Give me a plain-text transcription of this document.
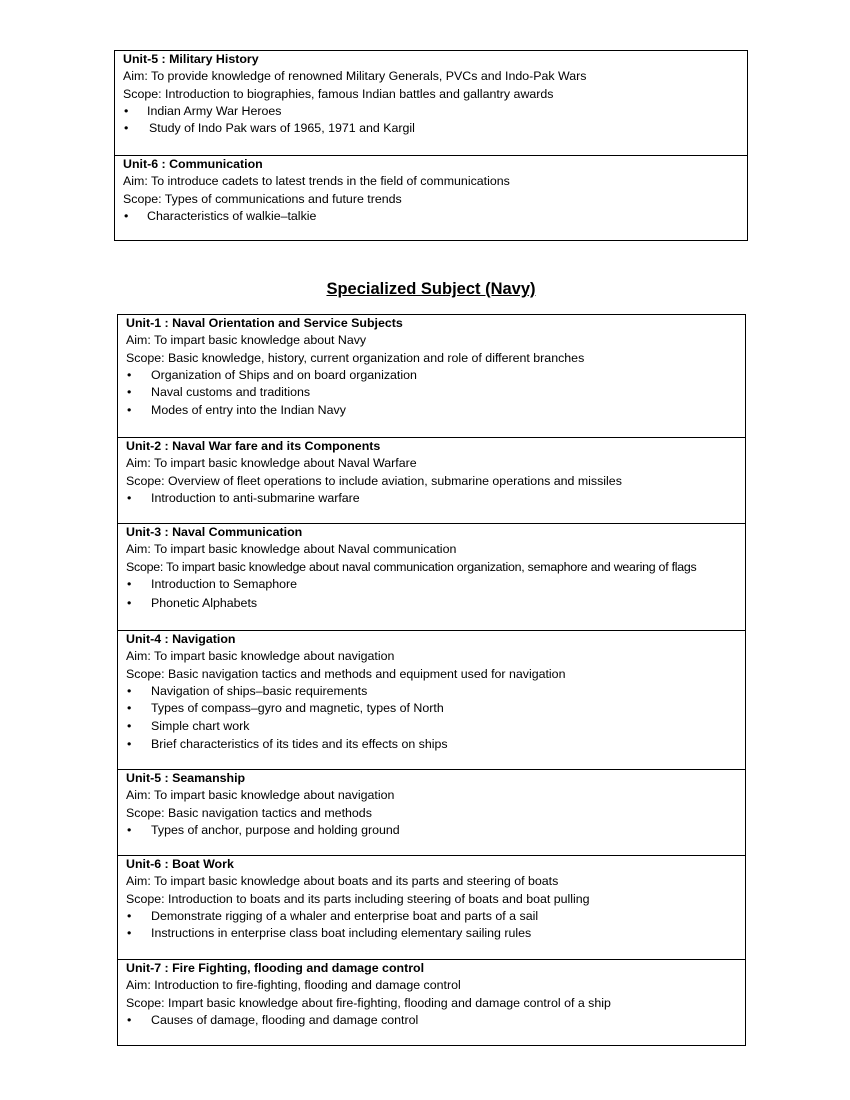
Unit-5 : Military History
Aim: To provide knowledge of renowned Military Generals, PVCs and Indo-Pak Wars
Scope: Introduction to biographies, famous Indian battles and gallantry awards
• Indian Army War Heroes
• Study of Indo Pak wars of 1965, 1971 and Kargil
Unit-6 : Communication
Aim: To introduce cadets to latest trends in the field of communications
Scope: Types of communications and future trends
• Characteristics of walkie–talkie
Specialized Subject (Navy)
Unit-1 : Naval Orientation and Service Subjects
Aim: To impart basic knowledge about Navy
Scope: Basic knowledge, history, current organization and role of different branches
• Organization of Ships and on board organization
• Naval customs and traditions
• Modes of entry into the Indian Navy
Unit-2 : Naval War fare and its Components
Aim: To impart basic knowledge about Naval Warfare
Scope: Overview of fleet operations to include aviation, submarine operations and missiles
• Introduction to anti-submarine warfare
Unit-3 : Naval Communication
Aim: To impart basic knowledge about Naval communication
Scope: To impart basic knowledge about naval communication organization, semaphore and wearing of flags
• Introduction to Semaphore
• Phonetic Alphabets
Unit-4 : Navigation
Aim: To impart basic knowledge about navigation
Scope: Basic navigation tactics and methods and equipment used for navigation
• Navigation of ships–basic requirements
• Types of compass–gyro and magnetic, types of North
• Simple chart work
• Brief characteristics of its tides and its effects on ships
Unit-5 : Seamanship
Aim: To impart basic knowledge about navigation
Scope: Basic navigation tactics and methods
• Types of anchor, purpose and holding ground
Unit-6 : Boat Work
Aim: To impart basic knowledge about boats and its parts and steering of boats
Scope: Introduction to boats and its parts including steering of boats and boat pulling
• Demonstrate rigging of a whaler and enterprise boat and parts of a sail
• Instructions in enterprise class boat including elementary sailing rules
Unit-7 : Fire Fighting, flooding and damage control
Aim: Introduction to fire-fighting, flooding and damage control
Scope: Impart basic knowledge about fire-fighting, flooding and damage control of a ship
• Causes of damage, flooding and damage control
